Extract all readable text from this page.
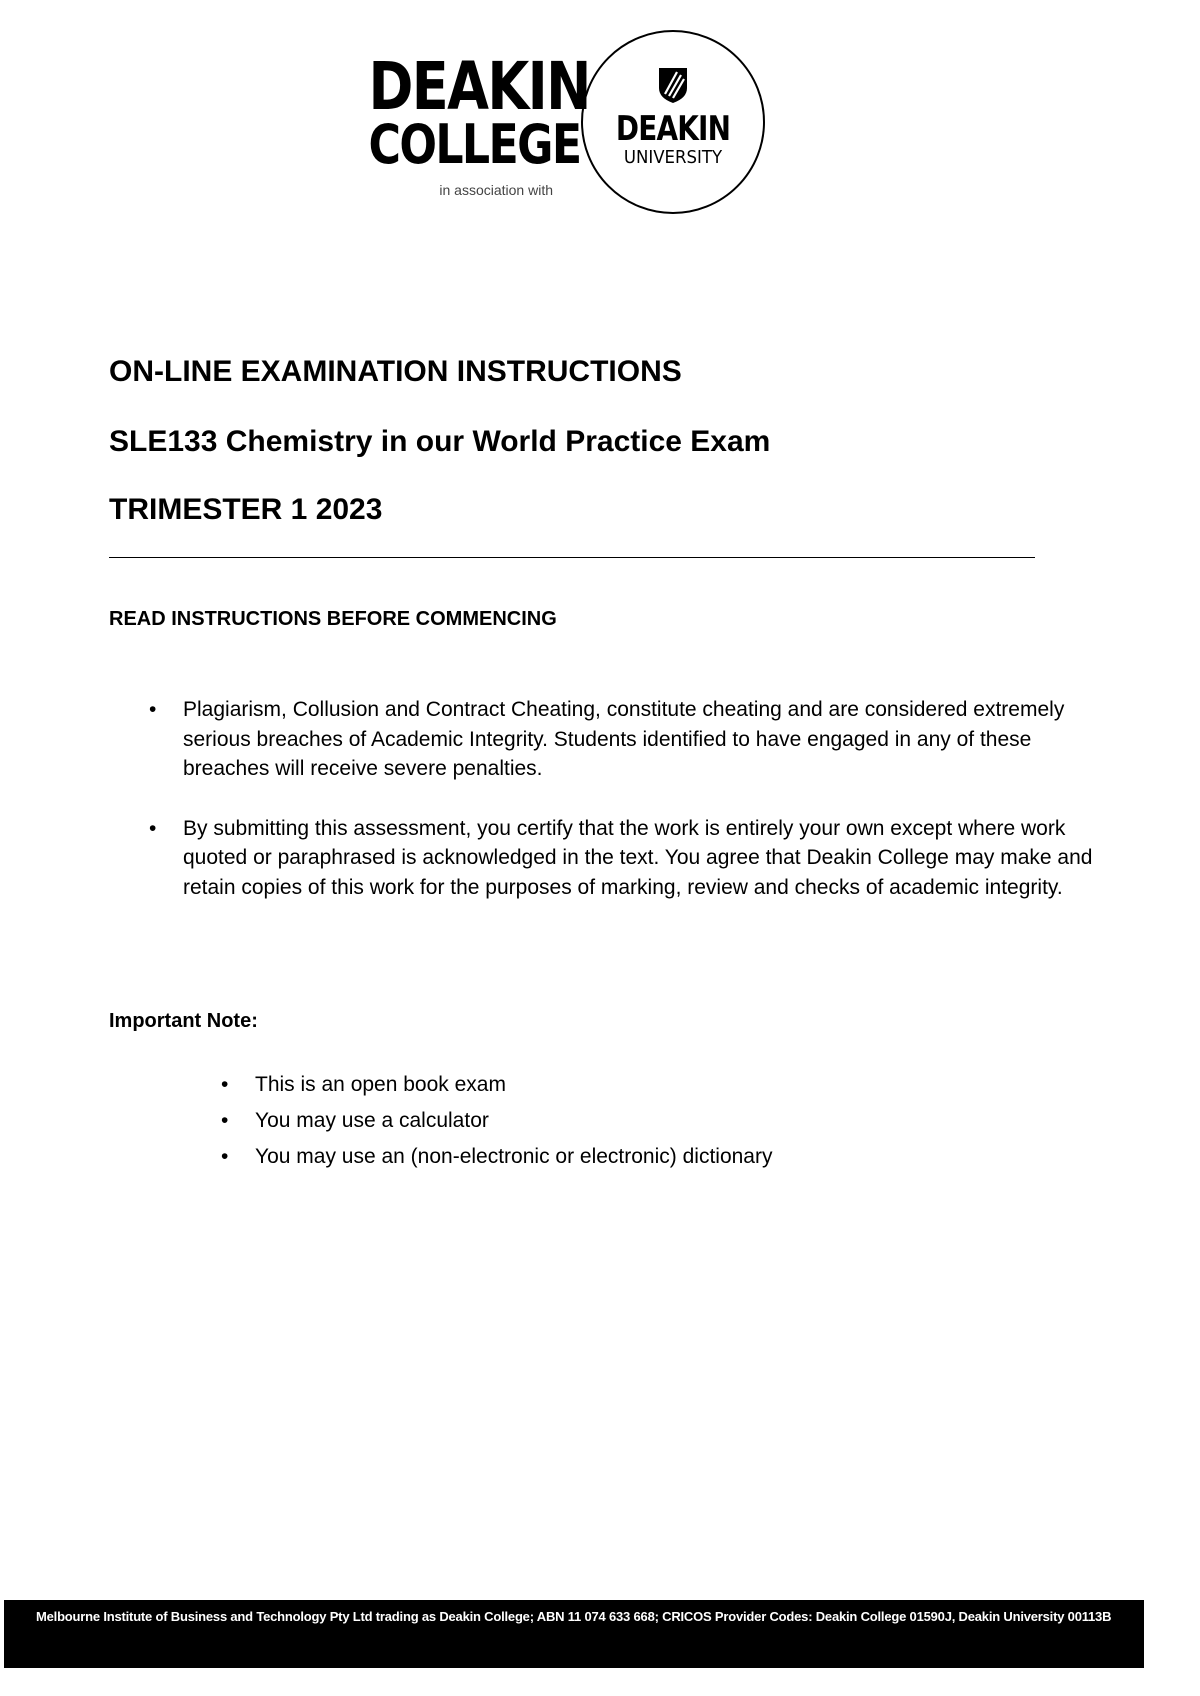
DEAKIN
COLLEGE
in association with
DEAKIN
UNIVERSITY
ON-LINE EXAMINATION INSTRUCTIONS
SLE133 Chemistry in our World Practice Exam
TRIMESTER 1 2023
READ INSTRUCTIONS BEFORE COMMENCING
• Plagiarism, Collusion and Contract Cheating, constitute cheating and are considered extremely serious breaches of Academic Integrity. Students identified to have engaged in any of these breaches will receive severe penalties.
• By submitting this assessment, you certify that the work is entirely your own except where work quoted or paraphrased is acknowledged in the text. You agree that Deakin College may make and retain copies of this work for the purposes of marking, review and checks of academic integrity.
Important Note:
• This is an open book exam
• You may use a calculator
• You may use an (non-electronic or electronic) dictionary
Melbourne Institute of Business and Technology Pty Ltd trading as Deakin College; ABN 11 074 633 668; CRICOS Provider Codes: Deakin College 01590J, Deakin University 00113B
